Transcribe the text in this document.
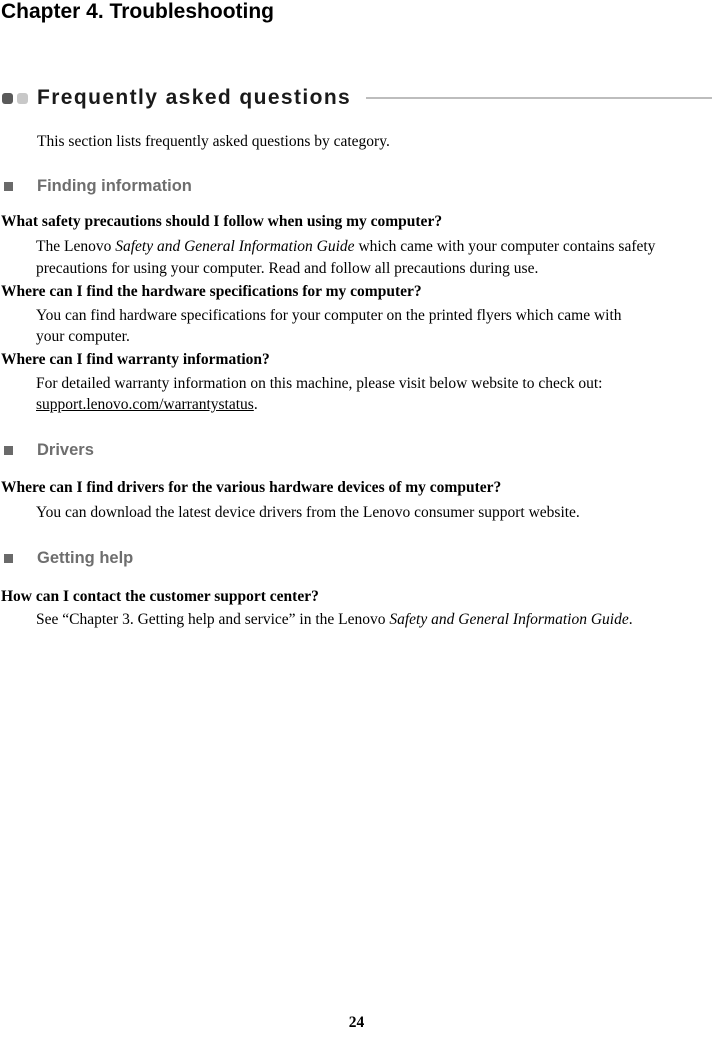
Chapter 4. Troubleshooting
Frequently asked questions
This section lists frequently asked questions by category.
Finding information
What safety precautions should I follow when using my computer?
The Lenovo Safety and General Information Guide which came with your computer contains safety
precautions for using your computer. Read and follow all precautions during use.
Where can I find the hardware specifications for my computer?
You can find hardware specifications for your computer on the printed flyers which came with
your computer.
Where can I find warranty information?
For detailed warranty information on this machine, please visit below website to check out:
support.lenovo.com/warrantystatus.
Drivers
Where can I find drivers for the various hardware devices of my computer?
You can download the latest device drivers from the Lenovo consumer support website.
Getting help
How can I contact the customer support center?
See “Chapter 3. Getting help and service” in the Lenovo Safety and General Information Guide.
24
